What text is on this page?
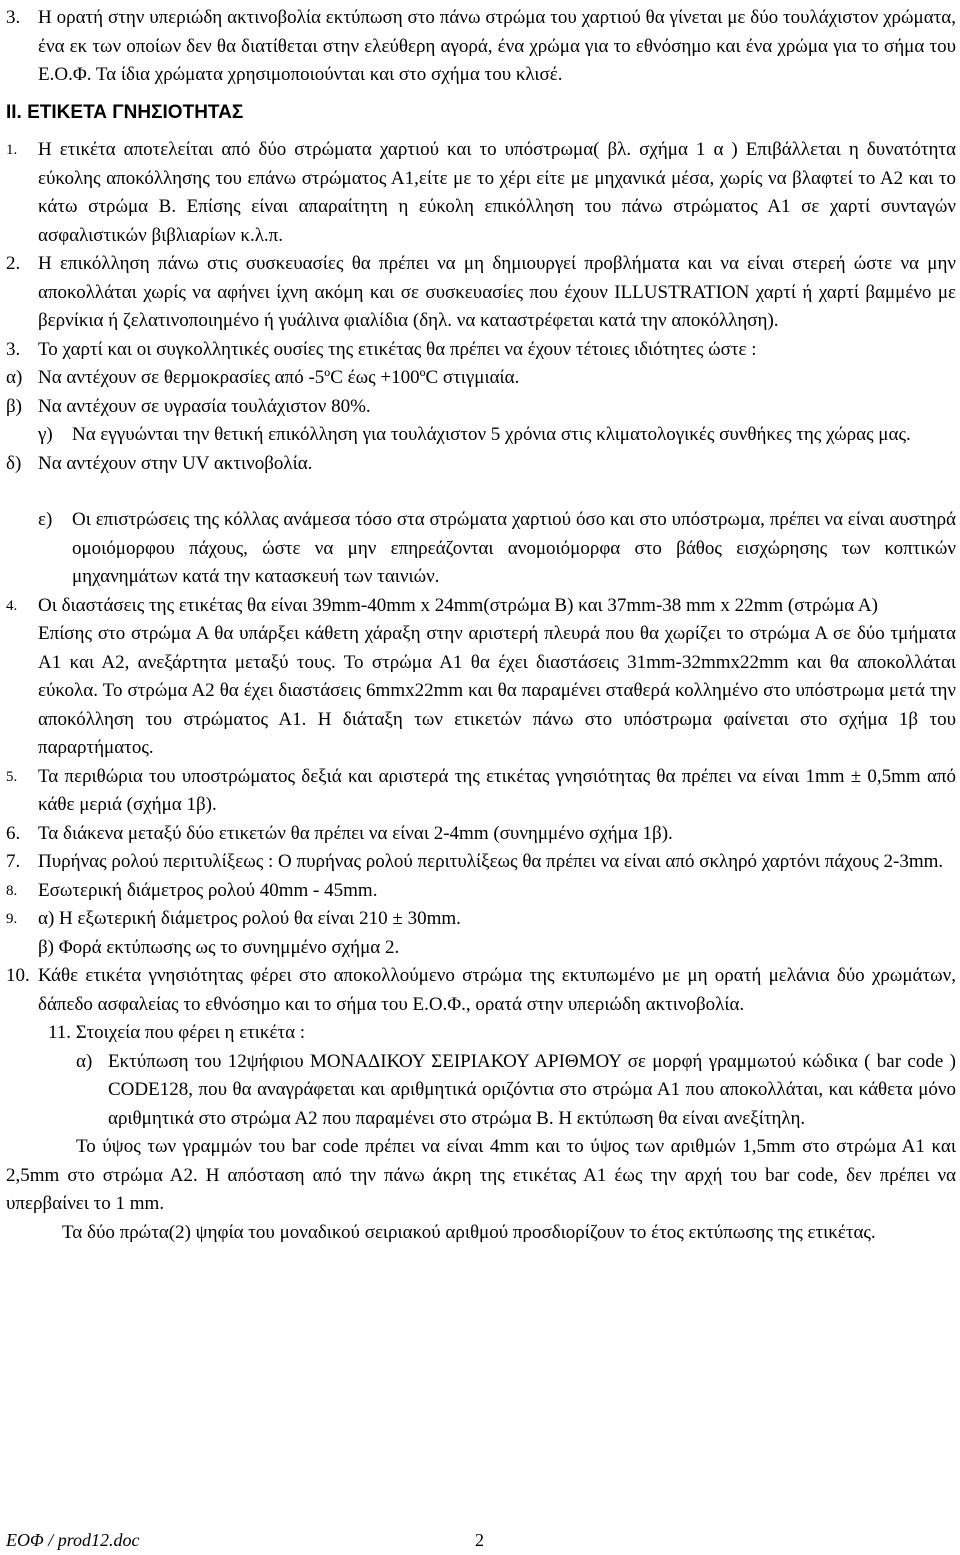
3. Η ορατή στην υπεριώδη ακτινοβολία εκτύπωση στο πάνω στρώμα του χαρτιού θα γίνεται με δύο τουλάχιστον χρώματα, ένα εκ των οποίων δεν θα διατίθεται στην ελεύθερη αγορά, ένα χρώμα για το εθνόσημο και ένα χρώμα για το σήμα του Ε.Ο.Φ. Τα ίδια χρώματα χρησιμοποιούνται και στο σχήμα του κλισέ.
II. ΕΤΙΚΕΤΑ ΓΝΗΣΙΟΤΗΤΑΣ
1. Η ετικέτα αποτελείται από δύο στρώματα χαρτιού και το υπόστρωμα( βλ. σχήμα 1 α ) Επιβάλλεται η δυνατότητα εύκολης αποκόλλησης του επάνω στρώματος Α1,είτε με το χέρι είτε με μηχανικά μέσα, χωρίς να βλαφτεί το Α2 και το κάτω στρώμα Β. Επίσης είναι απαραίτητη η εύκολη επικόλληση του πάνω στρώματος Α1 σε χαρτί συνταγών ασφαλιστικών βιβλιαρίων κ.λ.π.
2. Η επικόλληση πάνω στις συσκευασίες θα πρέπει να μη δημιουργεί προβλήματα και να είναι στερεή ώστε να μην αποκολλάται χωρίς να αφήνει ίχνη ακόμη και σε συσκευασίες που έχουν ILLUSTRATION χαρτί ή χαρτί βαμμένο με βερνίκια ή ζελατινοποιημένο ή γυάλινα φιαλίδια (δηλ. να καταστρέφεται κατά την αποκόλληση).
3. Το χαρτί και οι συγκολλητικές ουσίες της ετικέτας θα πρέπει να έχουν τέτοιες ιδιότητες ώστε :
α) Να αντέχουν σε θερμοκρασίες από -5ºC έως +100ºC στιγμιαία.
β) Να αντέχουν σε υγρασία τουλάχιστον 80%.
γ) Να εγγυώνται την θετική επικόλληση για τουλάχιστον 5 χρόνια στις κλιματολογικές συνθήκες της χώρας μας.
δ) Να αντέχουν στην UV ακτινοβολία.
ε) Οι επιστρώσεις της κόλλας ανάμεσα τόσο στα στρώματα χαρτιού όσο και στο υπόστρωμα, πρέπει να είναι αυστηρά ομοιόμορφου πάχους, ώστε να μην επηρεάζονται ανομοιόμορφα στο βάθος εισχώρησης των κοπτικών μηχανημάτων κατά την κατασκευή των ταινιών.
4. Οι διαστάσεις της ετικέτας θα είναι 39mm-40mm x 24mm(στρώμα Β) και 37mm-38 mm x 22mm (στρώμα Α)
Επίσης στο στρώμα Α θα υπάρξει κάθετη χάραξη στην αριστερή πλευρά που θα χωρίζει το στρώμα Α σε δύο τμήματα Α1 και Α2, ανεξάρτητα μεταξύ τους. Το στρώμα Α1 θα έχει διαστάσεις 31mm-32mmx22mm και θα αποκολλάται εύκολα. Το στρώμα Α2 θα έχει διαστάσεις 6mmx22mm και θα παραμένει σταθερά κολλημένο στο υπόστρωμα μετά την αποκόλληση του στρώματος Α1. Η διάταξη των ετικετών πάνω στο υπόστρωμα φαίνεται στο σχήμα 1β του παραρτήματος.
5. Τα περιθώρια του υποστρώματος δεξιά και αριστερά της ετικέτας γνησιότητας θα πρέπει να είναι 1mm ± 0,5mm από κάθε μεριά (σχήμα 1β).
6. Τα διάκενα μεταξύ δύο ετικετών θα πρέπει να είναι 2-4mm (συνημμένο σχήμα 1β).
7. Πυρήνας ρολού περιτυλίξεως : Ο πυρήνας ρολού περιτυλίξεως θα πρέπει να είναι από σκληρό χαρτόνι πάχους 2-3mm.
8. Εσωτερική διάμετρος ρολού 40mm - 45mm.
9. α) Η εξωτερική διάμετρος ρολού θα είναι 210 ± 30mm.
β) Φορά εκτύπωσης ως το συνημμένο σχήμα 2.
10. Κάθε ετικέτα γνησιότητας φέρει στο αποκολλούμενο στρώμα της εκτυπωμένο με μη ορατή μελάνια δύο χρωμάτων, δάπεδο ασφαλείας το εθνόσημο και το σήμα του Ε.Ο.Φ., ορατά στην υπεριώδη ακτινοβολία.
11. Στοιχεία που φέρει η ετικέτα :
α) Εκτύπωση του 12ψήφιου ΜΟΝΑΔΙΚΟΥ ΣΕΙΡΙΑΚΟΥ ΑΡΙΘΜΟΥ σε μορφή γραμμωτού κώδικα ( bar code ) CODE128, που θα αναγράφεται και αριθμητικά οριζόντια στο στρώμα Α1 που αποκολλάται, και κάθετα μόνο αριθμητικά στο στρώμα Α2 που παραμένει στο στρώμα Β. Η εκτύπωση θα είναι ανεξίτηλη.
Το ύψος των γραμμών του bar code πρέπει να είναι 4mm και το ύψος των αριθμών 1,5mm στο στρώμα Α1 και 2,5mm στο στρώμα Α2. Η απόσταση από την πάνω άκρη της ετικέτας Α1 έως την αρχή του bar code, δεν πρέπει να υπερβαίνει το 1 mm.
Τα δύο πρώτα(2) ψηφία του μοναδικού σειριακού αριθμού προσδιορίζουν το έτος εκτύπωσης της ετικέτας.
ΕΟΦ / prod12.doc	2
